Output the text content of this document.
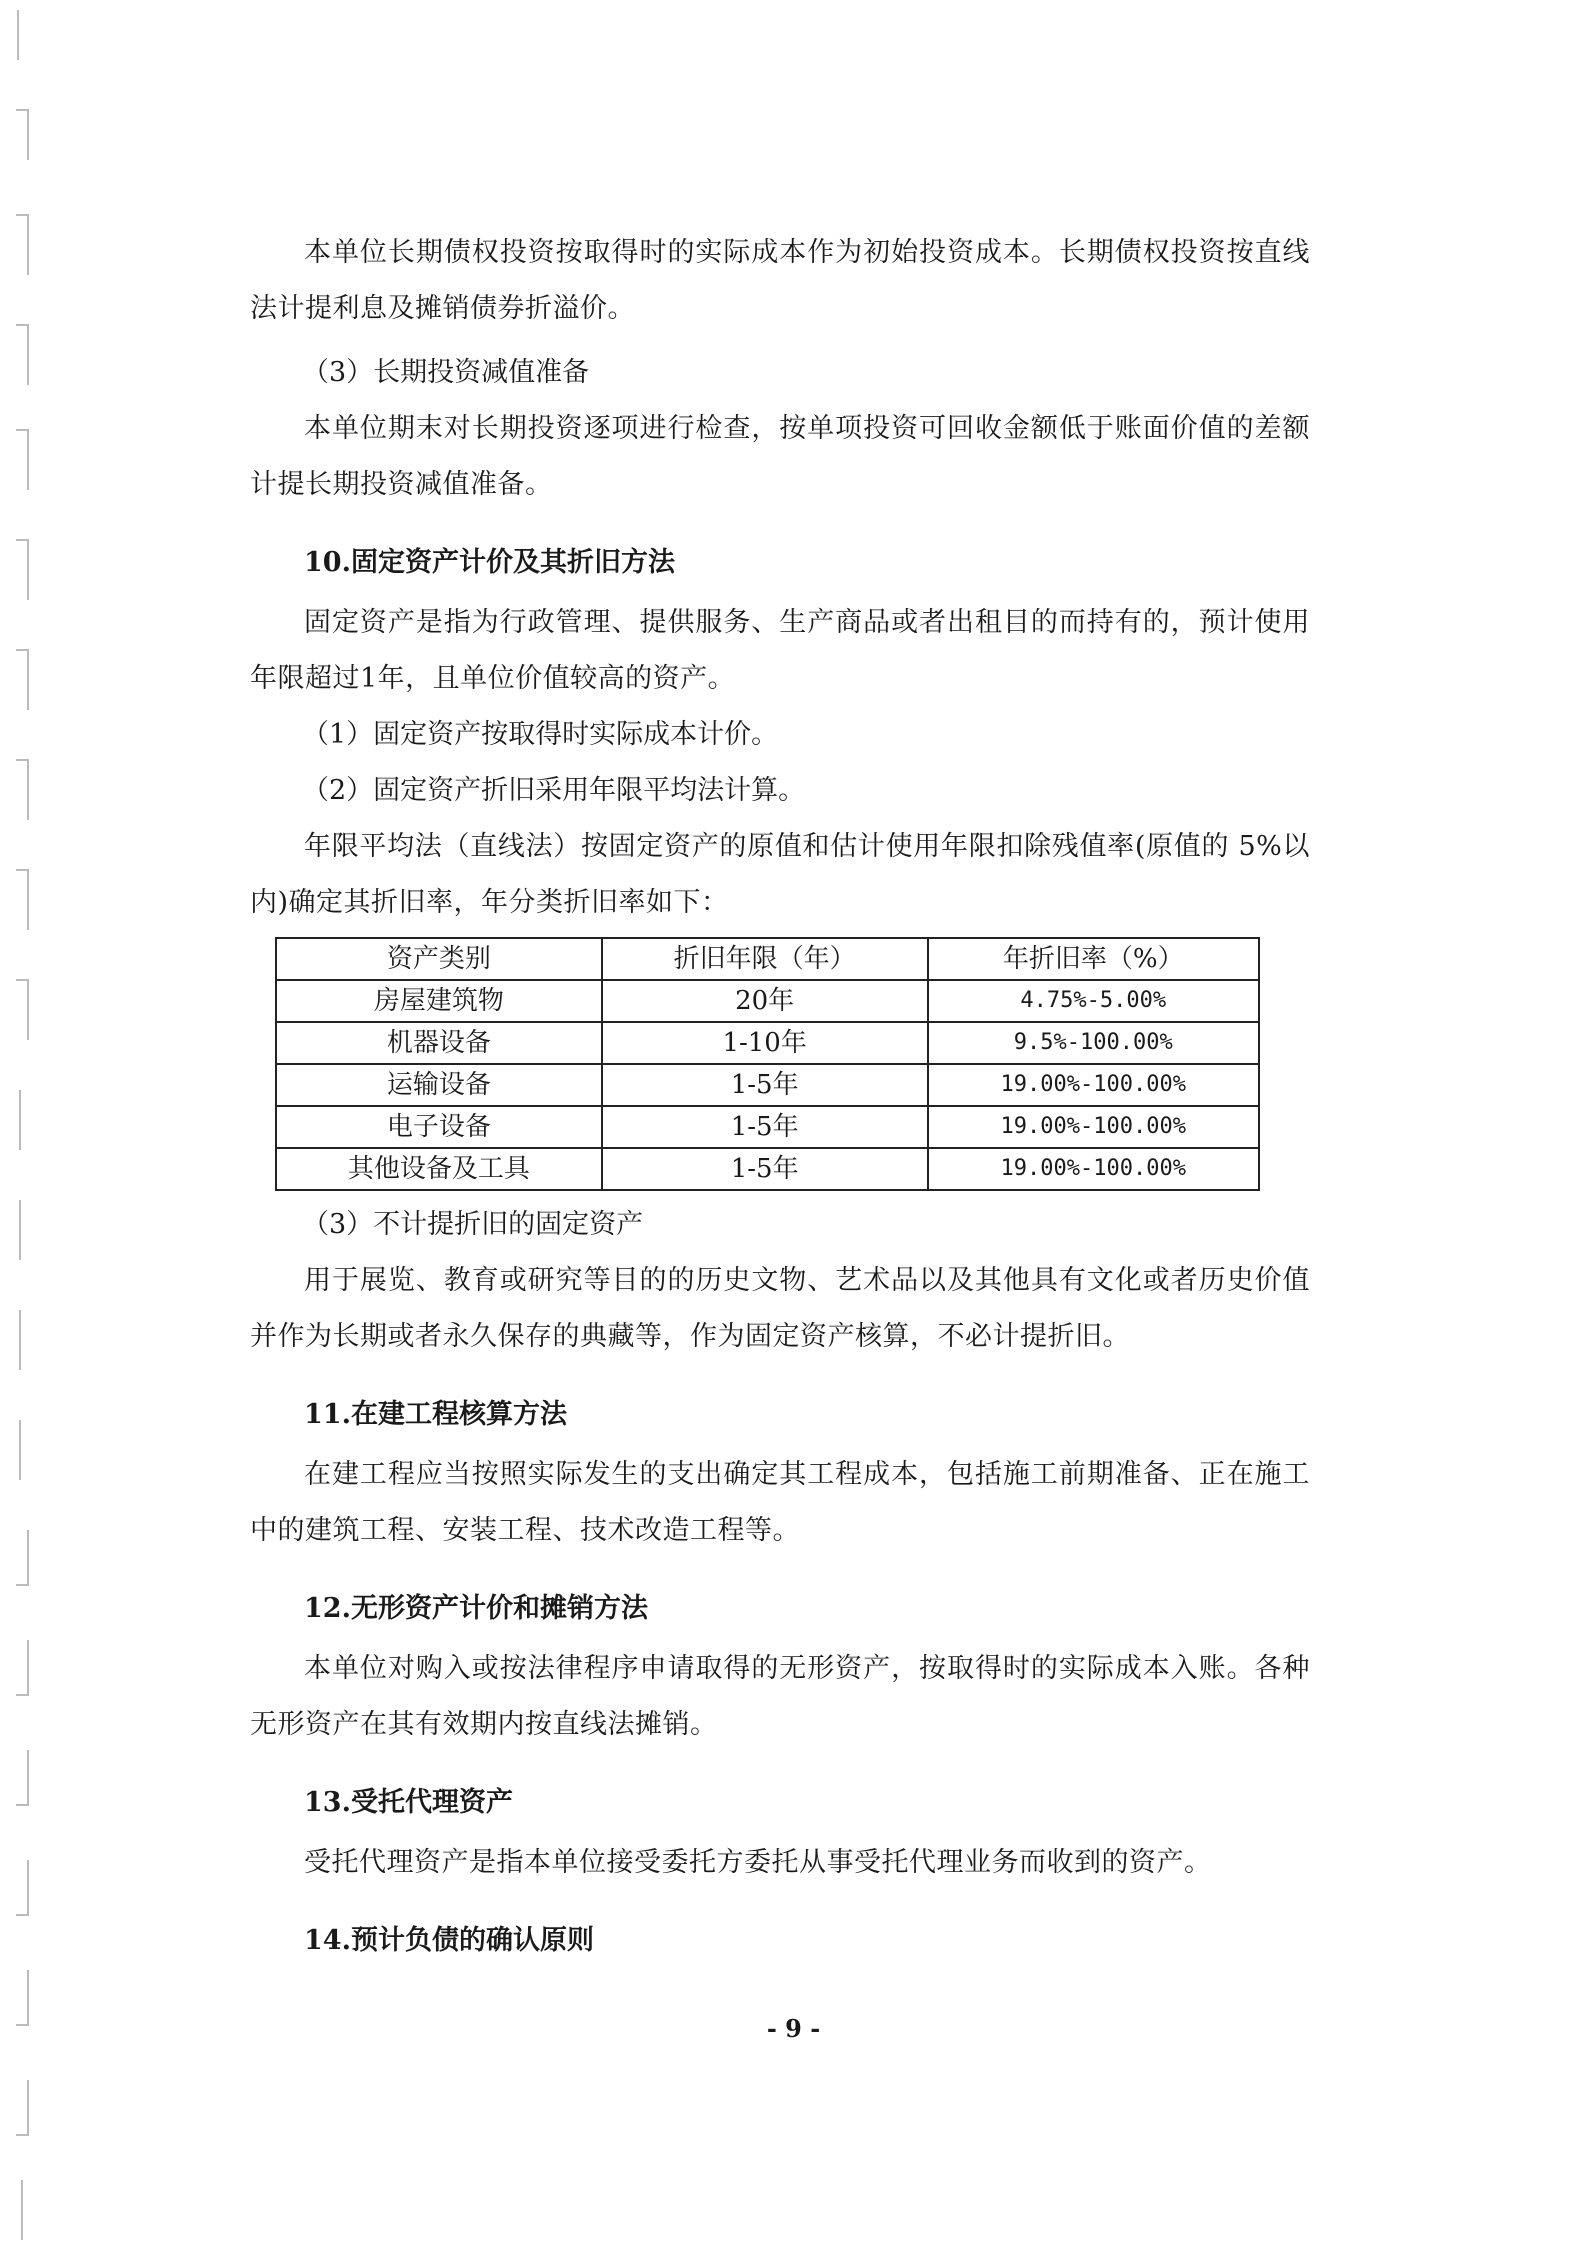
本单位长期债权投资按取得时的实际成本作为初始投资成本。长期债权投资按直线法计提利息及摊销债券折溢价。

（3）长期投资减值准备

本单位期末对长期投资逐项进行检查，按单项投资可回收金额低于账面价值的差额计提长期投资减值准备。

10.固定资产计价及其折旧方法

固定资产是指为行政管理、提供服务、生产商品或者出租目的而持有的，预计使用年限超过1年，且单位价值较高的资产。

（1）固定资产按取得时实际成本计价。

（2）固定资产折旧采用年限平均法计算。

年限平均法（直线法）按固定资产的原值和估计使用年限扣除残值率(原值的 5%以内)确定其折旧率，年分类折旧率如下：

资产类别	折旧年限（年）	年折旧率（%）
房屋建筑物	20年	4.75%-5.00%
机器设备	1-10年	9.5%-100.00%
运输设备	1-5年	19.00%-100.00%
电子设备	1-5年	19.00%-100.00%
其他设备及工具	1-5年	19.00%-100.00%

（3）不计提折旧的固定资产

用于展览、教育或研究等目的的历史文物、艺术品以及其他具有文化或者历史价值并作为长期或者永久保存的典藏等，作为固定资产核算，不必计提折旧。

11.在建工程核算方法

在建工程应当按照实际发生的支出确定其工程成本，包括施工前期准备、正在施工中的建筑工程、安装工程、技术改造工程等。

12.无形资产计价和摊销方法

本单位对购入或按法律程序申请取得的无形资产，按取得时的实际成本入账。各种无形资产在其有效期内按直线法摊销。

13.受托代理资产

受托代理资产是指本单位接受委托方委托从事受托代理业务而收到的资产。

14.预计负债的确认原则

- 9 -
